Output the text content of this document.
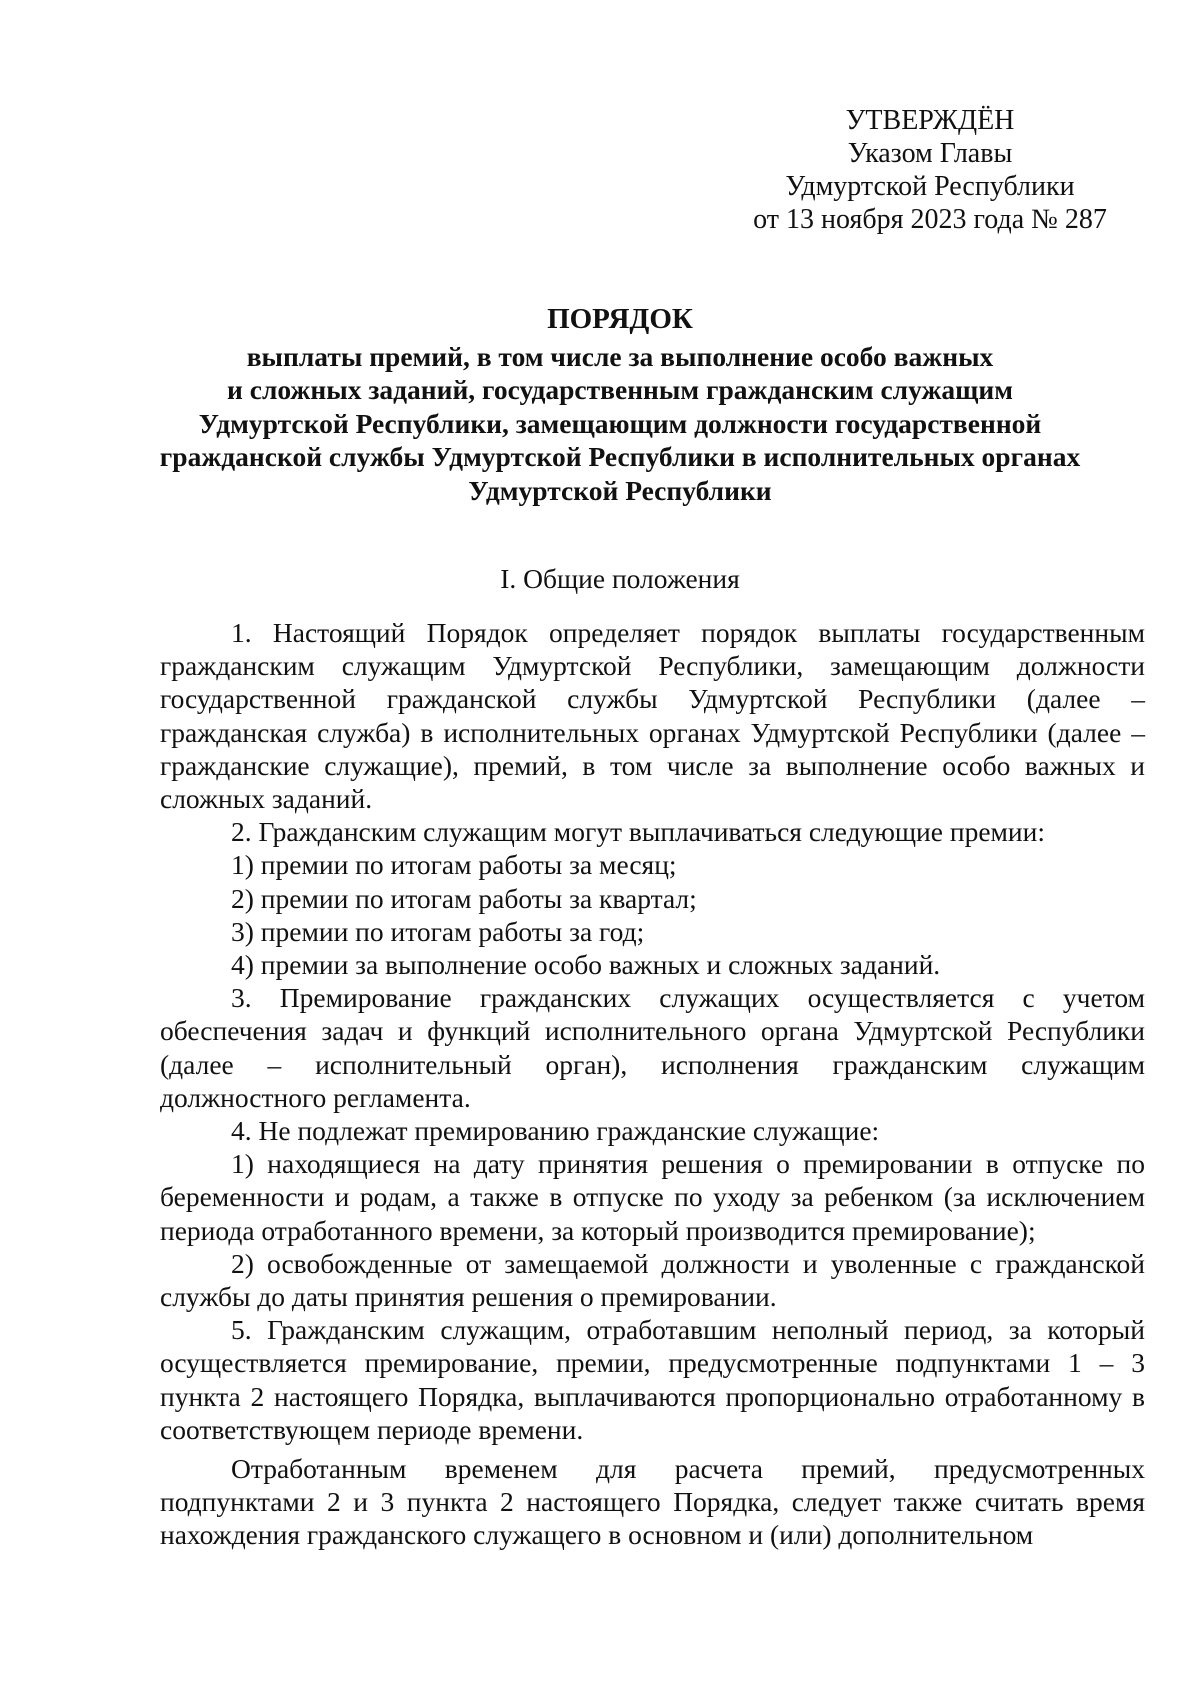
УТВЕРЖДЁН
Указом Главы
Удмуртской Республики
от 13 ноября 2023 года № 287
ПОРЯДОК
выплаты премий, в том числе за выполнение особо важных
и сложных заданий, государственным гражданским служащим
Удмуртской Республики, замещающим должности государственной
гражданской службы Удмуртской Республики в исполнительных органах
Удмуртской Республики
I. Общие положения

1. Настоящий Порядок определяет порядок выплаты государственным гражданским служащим Удмуртской Республики, замещающим должности государственной гражданской службы Удмуртской Республики (далее – гражданская служба) в исполнительных органах Удмуртской Республики (далее – гражданские служащие), премий, в том числе за выполнение особо важных и сложных заданий.

2. Гражданским служащим могут выплачиваться следующие премии:

1) премии по итогам работы за месяц;

2) премии по итогам работы за квартал;

3) премии по итогам работы за год;

4) премии за выполнение особо важных и сложных заданий.

3. Премирование гражданских служащих осуществляется с учетом обеспечения задач и функций исполнительного органа Удмуртской Республики (далее – исполнительный орган), исполнения гражданским служащим должностного регламента.

4. Не подлежат премированию гражданские служащие:

1) находящиеся на дату принятия решения о премировании в отпуске по беременности и родам, а также в отпуске по уходу за ребенком (за исключением периода отработанного времени, за который производится премирование);

2) освобожденные от замещаемой должности и уволенные с гражданской службы до даты принятия решения о премировании.

5. Гражданским служащим, отработавшим неполный период, за который осуществляется премирование, премии, предусмотренные подпунктами 1 – 3 пункта 2 настоящего Порядка, выплачиваются пропорционально отработанному в соответствующем периоде времени.

Отработанным временем для расчета премий, предусмотренных подпунктами 2 и 3 пункта 2 настоящего Порядка, следует также считать время нахождения гражданского служащего в основном и (или) дополнительном
